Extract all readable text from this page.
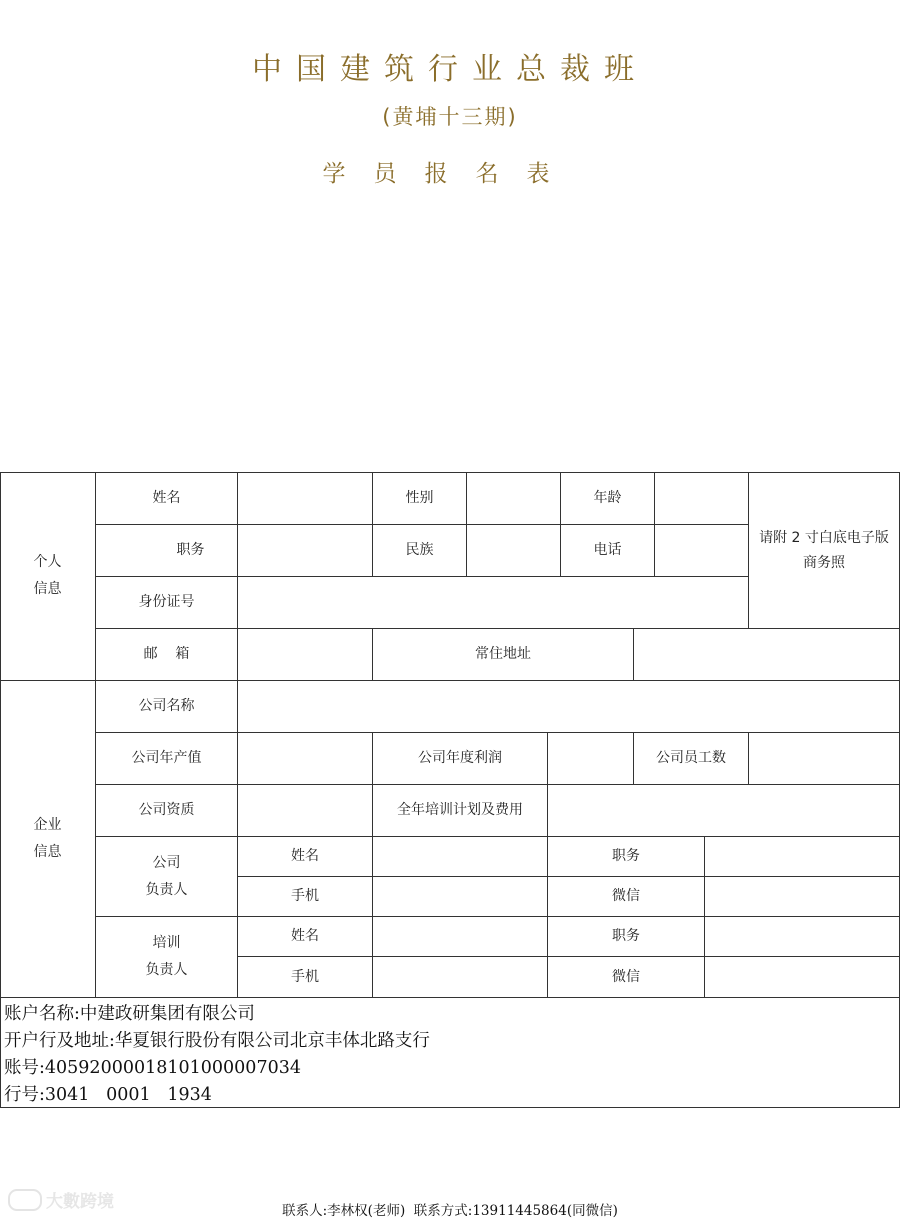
中国建筑行业总裁班
(黄埔十三期)
学员报名表
个人
信息
姓名	性别	年龄
请附 2 寸白底电子版
商务照
职务	民族	电话
身份证号
邮    箱	常住地址
企业
信息
公司名称
公司年产值	公司年度利润	公司员工数
公司资质	全年培训计划及费用
公司
负责人
姓名	职务
手机	微信
培训
负责人
姓名	职务
手机	微信
账户名称:中建政研集团有限公司
开户行及地址:华夏银行股份有限公司北京丰体北路支行
账号:40592000018101000007034
行号:3041   0001   1934
大數跨境	联系人:李林权(老师)  联系方式:13911445864(同微信)
